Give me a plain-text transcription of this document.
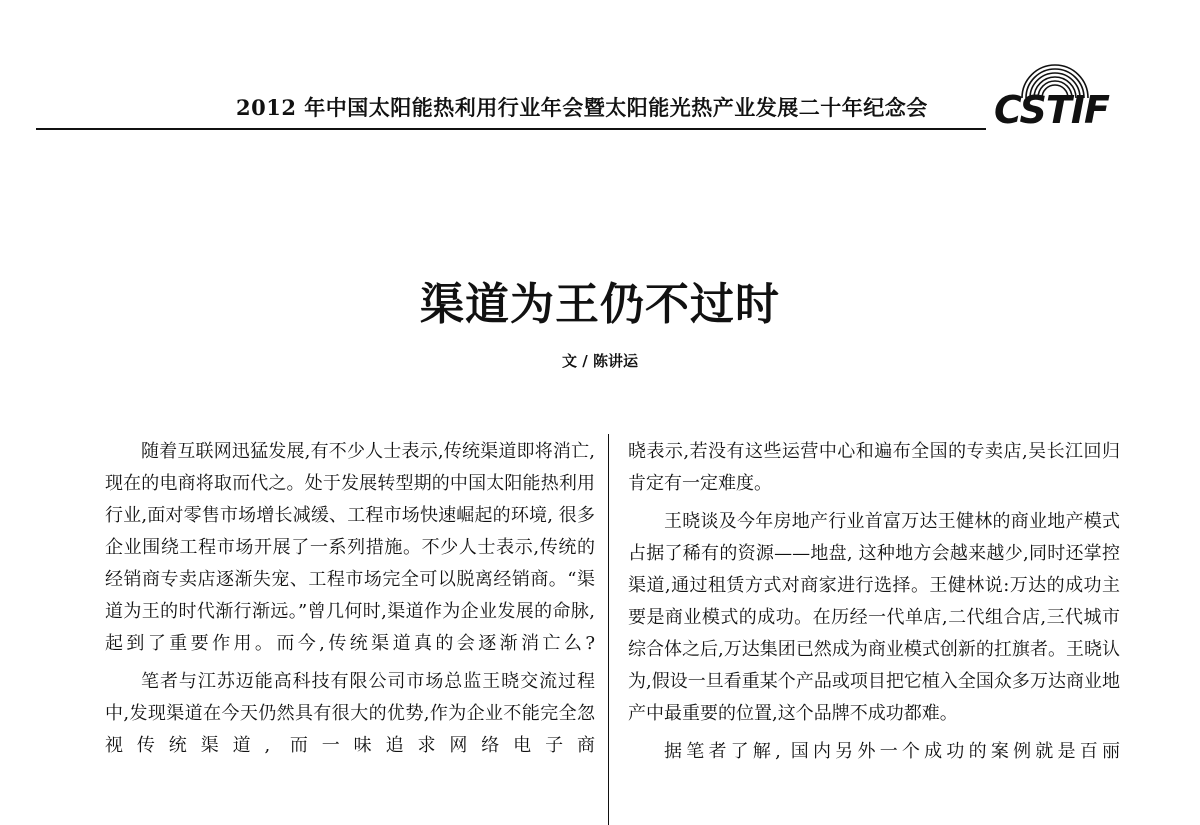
2012 年中国太阳能热利用行业年会暨太阳能光热产业发展二十年纪念会	CSTIF
渠道为王仍不过时
文 / 陈讲运

随着互联网迅猛发展,有不少人士表示,传统渠道即将消亡,现在的电商将取而代之。处于发展转型期的中国太阳能热利用行业,面对零售市场增长减缓、工程市场快速崛起的环境, 很多企业围绕工程市场开展了一系列措施。不少人士表示,传统的经销商专卖店逐渐失宠、工程市场完全可以脱离经销商。“渠道为王的时代渐行渐远。”曾几何时,渠道作为企业发展的命脉,起到了重要作用。而今,传统渠道真的会逐渐消亡么?

笔者与江苏迈能高科技有限公司市场总监王晓交流过程中,发现渠道在今天仍然具有很大的优势,作为企业不能完全忽视传统渠道, 而一味追求网络电子商

晓表示,若没有这些运营中心和遍布全国的专卖店,吴长江回归肯定有一定难度。

王晓谈及今年房地产行业首富万达王健林的商业地产模式占据了稀有的资源——地盘, 这种地方会越来越少,同时还掌控渠道,通过租赁方式对商家进行选择。王健林说:万达的成功主要是商业模式的成功。在历经一代单店,二代组合店,三代城市综合体之后,万达集团已然成为商业模式创新的扛旗者。王晓认为,假设一旦看重某个产品或项目把它植入全国众多万达商业地产中最重要的位置,这个品牌不成功都难。

据笔者了解, 国内另外一个成功的案例就是百丽
